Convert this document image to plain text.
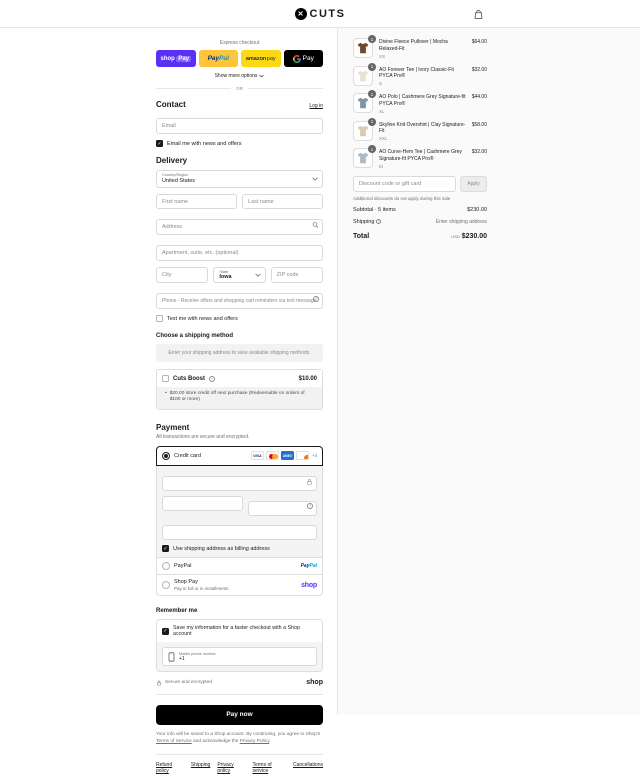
✕ CUTS
Express checkout
shop Pay	Pay Pal	amazon pay	Pay
Show more options
OR
Contact	Log in
Email
✓ Email me with news and offers
Delivery
Country/Region
United States
First name
Last name
Address
Apartment, suite, etc. (optional)
City
State
Iowa
ZIP code
Phone - Receive offers and shopping cart reminders via text message
?
Text me with news and offers
Choose a shipping method
Enter your shipping address to view available shipping methods.
Cuts Boost	i	$10.00
• $20.00 store credit off next purchase (Redeemable on orders of $100 or more)
Payment
All transactions are secure and encrypted.
Credit card	VISA	AMEX	+4
?
✓ Use shipping address as billing address
PayPal	PayPal
Shop Pay
Pay in full or in installments	shop
Remember me
✓ Save my information for a faster checkout with a Shop account
Mobile phone number
+1
Secure and encrypted	shop
Pay now
Your info will be saved to a Shop account. By continuing, you agree to Shop's Terms of Service and acknowledge the Privacy Policy.
Refund policy
Shipping Privacy policy
Terms of service
Cancellations
1	Divine Fleece Pullover | Mocha Relaxed-Fit
XS
$64.00
1	AO Forever Tee | Ivory Classic-Fit PYCA Pro®
S
$32.00
1	AO Polo | Cashmere Grey Signature-fit PYCA Pro®
XL
$44.00
1	Skyline Knit Overshirt | Clay Signature-Fit
XXL
$58.00
1	AO Curve-Hem Tee | Cashmere Grey Signature-fit PYCA Pro®
M
$32.00
Discount code or gift card
Apply
Additional discounts do not apply during this sale
Subtotal · 5 items	$230.00
Shipping	i	Enter shipping address
Total	USD $230.00
